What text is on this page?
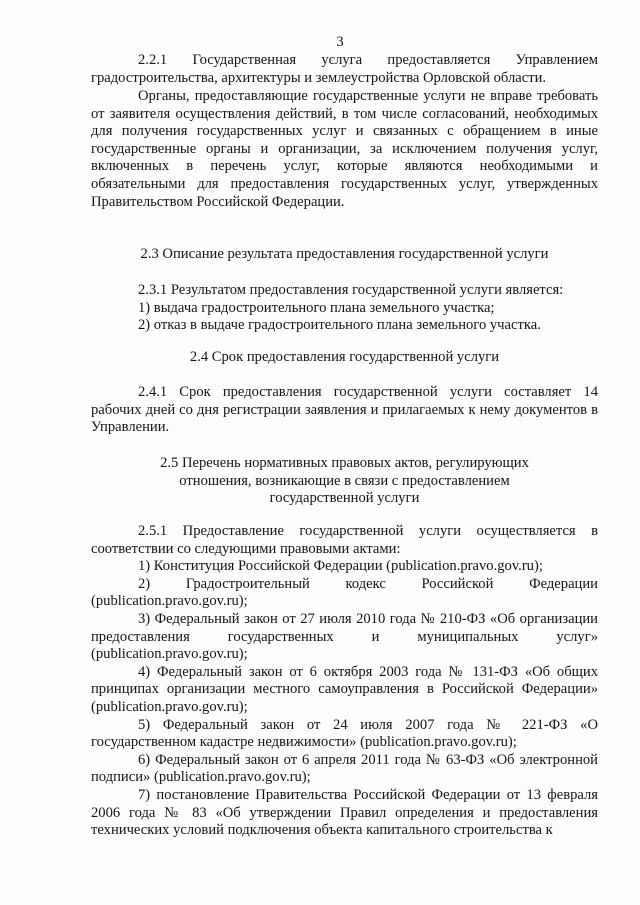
3

2.2.1 Государственная услуга предоставляется Управлением градостроительства, архитектуры и землеустройства Орловской области.

Органы, предоставляющие государственные услуги не вправе требовать от заявителя осуществления действий, в том числе согласований, необходимых для получения государственных услуг и связанных с обращением в иные государственные органы и организации, за исключением получения услуг, включенных в перечень услуг, которые являются необходимыми и обязательными для предоставления государственных услуг, утвержденных Правительством Российской Федерации.

2.3 Описание результата предоставления государственной услуги

2.3.1 Результатом предоставления государственной услуги является:

1) выдача градостроительного плана земельного участка;

2) отказ в выдаче градостроительного плана земельного участка.

2.4 Срок предоставления государственной услуги

2.4.1 Срок предоставления государственной услуги составляет 14 рабочих дней со дня регистрации заявления и прилагаемых к нему документов в Управлении.

2.5 Перечень нормативных правовых актов, регулирующих

отношения, возникающие в связи с предоставлением

государственной услуги

2.5.1 Предоставление государственной услуги осуществляется в соответствии со следующими правовыми актами:

1) Конституция Российской Федерации (publication.pravo.gov.ru);

2) Градостроительный кодекс Российской Федерации (publication.pravo.gov.ru);

3) Федеральный закон от 27 июля 2010 года № 210-ФЗ «Об организации предоставления государственных и муниципальных услуг» (publication.pravo.gov.ru);

4) Федеральный закон от 6 октября 2003 года № 131-ФЗ «Об общих принципах организации местного самоуправления в Российской Федерации» (publication.pravo.gov.ru);

5) Федеральный закон от 24 июля 2007 года № 221-ФЗ «О государственном кадастре недвижимости» (publication.pravo.gov.ru);

6) Федеральный закон от 6 апреля 2011 года № 63-ФЗ «Об электронной подписи» (publication.pravo.gov.ru);

7) постановление Правительства Российской Федерации от 13 февраля 2006 года № 83 «Об утверждении Правил определения и предоставления технических условий подключения объекта капитального строительства к
